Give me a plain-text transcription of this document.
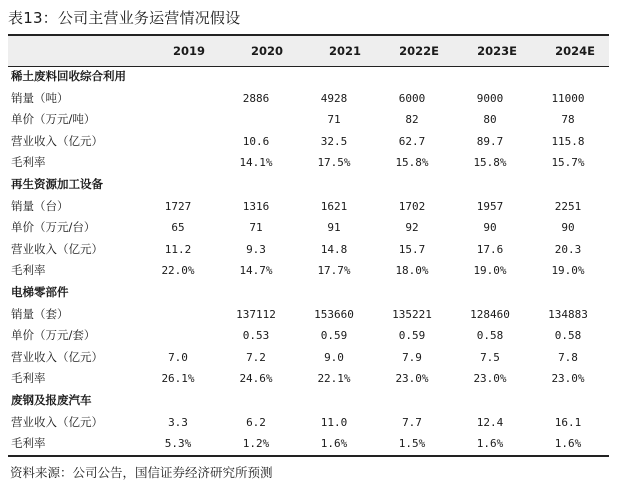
表13：公司主营业务运营情况假设
	2019	2020	2021	2022E	2023E	2024E
稀土废料回收综合利用						
销量（吨）		2886	4928	6000	9000	11000
单价（万元/吨）			71	82	80	78
营业收入（亿元）		10.6	32.5	62.7	89.7	115.8
毛利率		14.1%	17.5%	15.8%	15.8%	15.7%
再生资源加工设备						
销量（台）	1727	1316	1621	1702	1957	2251
单价（万元/台）	65	71	91	92	90	90
营业收入（亿元）	11.2	9.3	14.8	15.7	17.6	20.3
毛利率	22.0%	14.7%	17.7%	18.0%	19.0%	19.0%
电梯零部件						
销量（套）		137112	153660	135221	128460	134883
单价（万元/套）		0.53	0.59	0.59	0.58	0.58
营业收入（亿元）	7.0	7.2	9.0	7.9	7.5	7.8
毛利率	26.1%	24.6%	22.1%	23.0%	23.0%	23.0%
废钢及报废汽车						
营业收入（亿元）	3.3	6.2	11.0	7.7	12.4	16.1
毛利率	5.3%	1.2%	1.6%	1.5%	1.6%	1.6%
资料来源：公司公告，国信证券经济研究所预测
